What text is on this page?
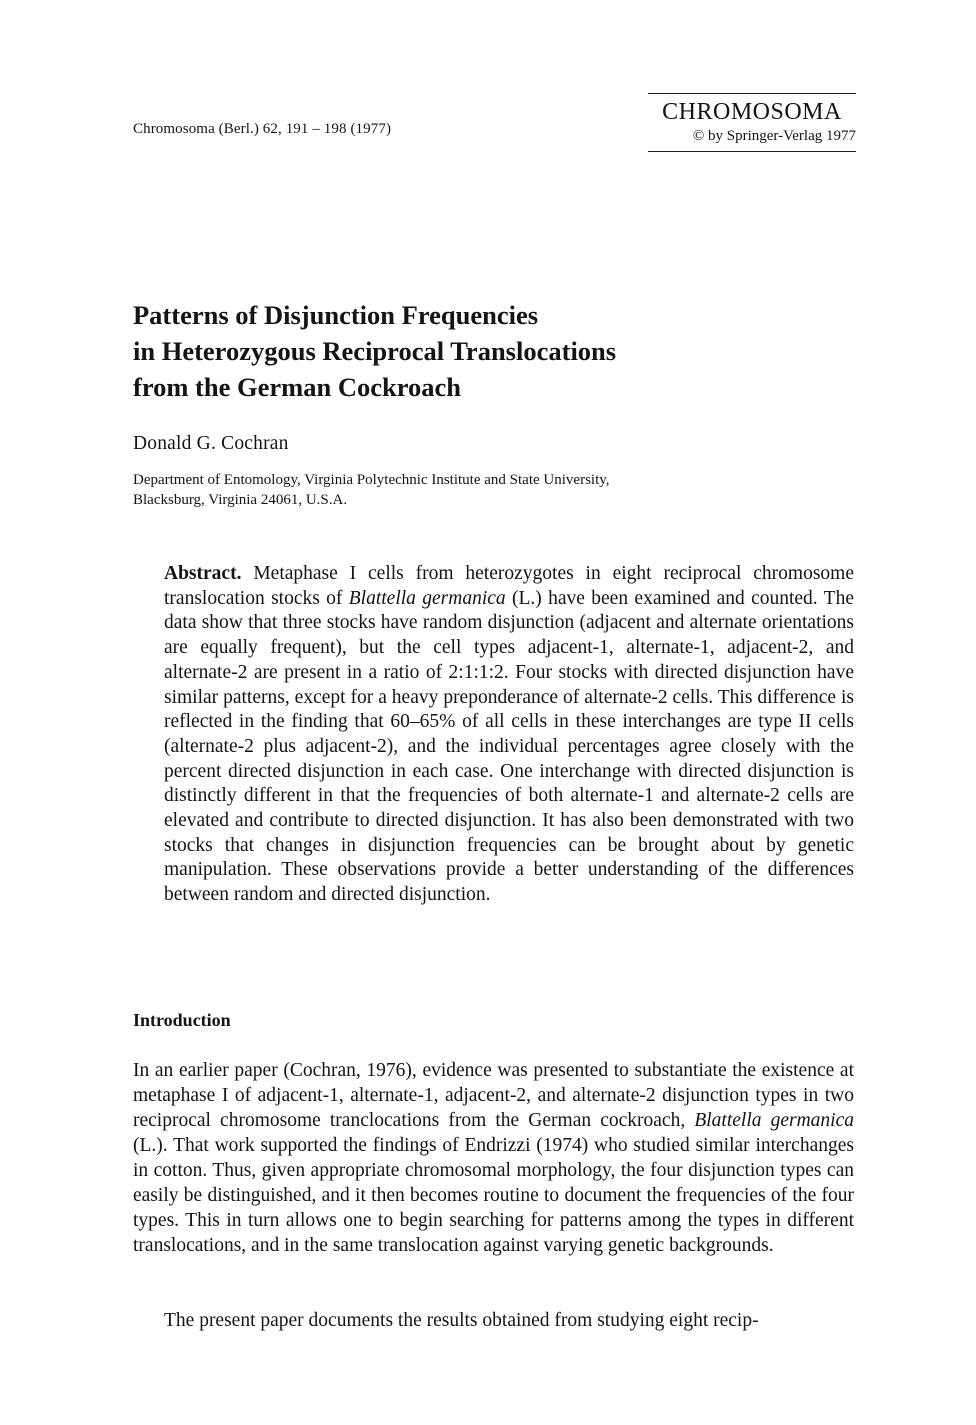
Chromosoma (Berl.) 62, 191 – 198 (1977)
CHROMOSOMA
© by Springer-Verlag 1977
Patterns of Disjunction Frequencies
in Heterozygous Reciprocal Translocations
from the German Cockroach
Donald G. Cochran
Department of Entomology, Virginia Polytechnic Institute and State University,
Blacksburg, Virginia 24061, U.S.A.
Abstract. Metaphase I cells from heterozygotes in eight reciprocal chromosome translocation stocks of Blattella germanica (L.) have been examined and counted. The data show that three stocks have random disjunction (adjacent and alternate orientations are equally frequent), but the cell types adjacent-1, alternate-1, adjacent-2, and alternate-2 are present in a ratio of 2:1:1:2. Four stocks with directed disjunction have similar patterns, except for a heavy preponderance of alternate-2 cells. This difference is reflected in the finding that 60–65% of all cells in these interchanges are type II cells (alternate-2 plus adjacent-2), and the individual percentages agree closely with the percent directed disjunction in each case. One interchange with directed disjunction is distinctly different in that the frequencies of both alternate-1 and alternate-2 cells are elevated and contribute to directed disjunction. It has also been demonstrated with two stocks that changes in disjunction frequencies can be brought about by genetic manipulation. These observations provide a better understanding of the differences between random and directed disjunction.
Introduction
In an earlier paper (Cochran, 1976), evidence was presented to substantiate the existence at metaphase I of adjacent-1, alternate-1, adjacent-2, and alternate-2 disjunction types in two reciprocal chromosome tranclocations from the German cockroach, Blattella germanica (L.). That work supported the findings of Endrizzi (1974) who studied similar interchanges in cotton. Thus, given appropriate chromosomal morphology, the four disjunction types can easily be distinguished, and it then becomes routine to document the frequencies of the four types. This in turn allows one to begin searching for patterns among the types in different translocations, and in the same translocation against varying genetic backgrounds.
The present paper documents the results obtained from studying eight recip-
